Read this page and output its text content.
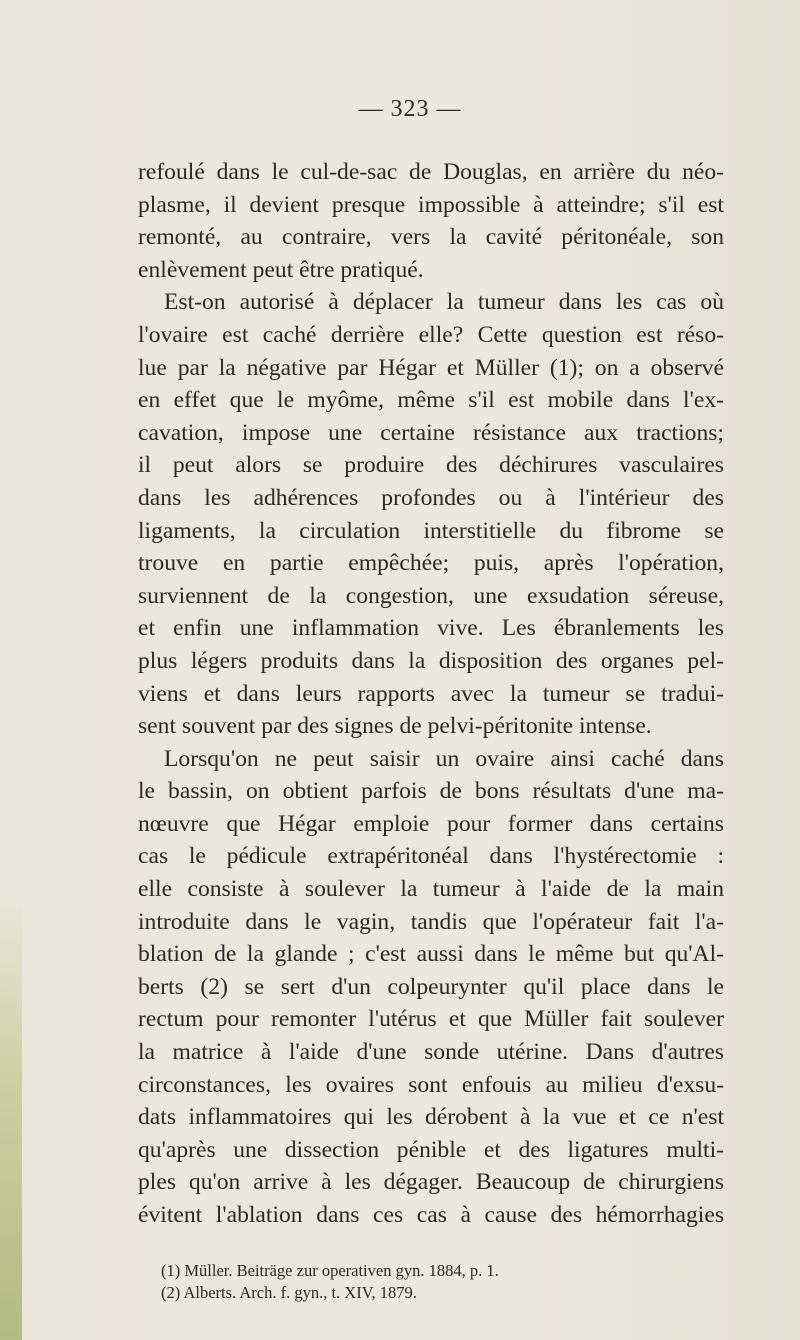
— 323 —
refoulé dans le cul-de-sac de Douglas, en arrière du néo-
plasme, il devient presque impossible à atteindre; s'il est
remonté, au contraire, vers la cavité péritonéale, son
enlèvement peut être pratiqué.
Est-on autorisé à déplacer la tumeur dans les cas où
l'ovaire est caché derrière elle? Cette question est réso-
lue par la négative par Hégar et Müller (1); on a observé
en effet que le myôme, même s'il est mobile dans l'ex-
cavation, impose une certaine résistance aux tractions;
il peut alors se produire des déchirures vasculaires
dans les adhérences profondes ou à l'intérieur des
ligaments, la circulation interstitielle du fibrome se
trouve en partie empêchée; puis, après l'opération,
surviennent de la congestion, une exsudation séreuse,
et enfin une inflammation vive. Les ébranlements les
plus légers produits dans la disposition des organes pel-
viens et dans leurs rapports avec la tumeur se tradui-
sent souvent par des signes de pelvi-péritonite intense.
Lorsqu'on ne peut saisir un ovaire ainsi caché dans
le bassin, on obtient parfois de bons résultats d'une ma-
nœuvre que Hégar emploie pour former dans certains
cas le pédicule extrapéritonéal dans l'hystérectomie :
elle consiste à soulever la tumeur à l'aide de la main
introduite dans le vagin, tandis que l'opérateur fait l'a-
blation de la glande ; c'est aussi dans le même but qu'Al-
berts (2) se sert d'un colpeurynter qu'il place dans le
rectum pour remonter l'utérus et que Müller fait soulever
la matrice à l'aide d'une sonde utérine. Dans d'autres
circonstances, les ovaires sont enfouis au milieu d'exsu-
dats inflammatoires qui les dérobent à la vue et ce n'est
qu'après une dissection pénible et des ligatures multi-
ples qu'on arrive à les dégager. Beaucoup de chirurgiens
évitent l'ablation dans ces cas à cause des hémorrhagies
(1) Müller. Beiträge zur operativen gyn. 1884, p. 1.
(2) Alberts. Arch. f. gyn., t. XIV, 1879.
